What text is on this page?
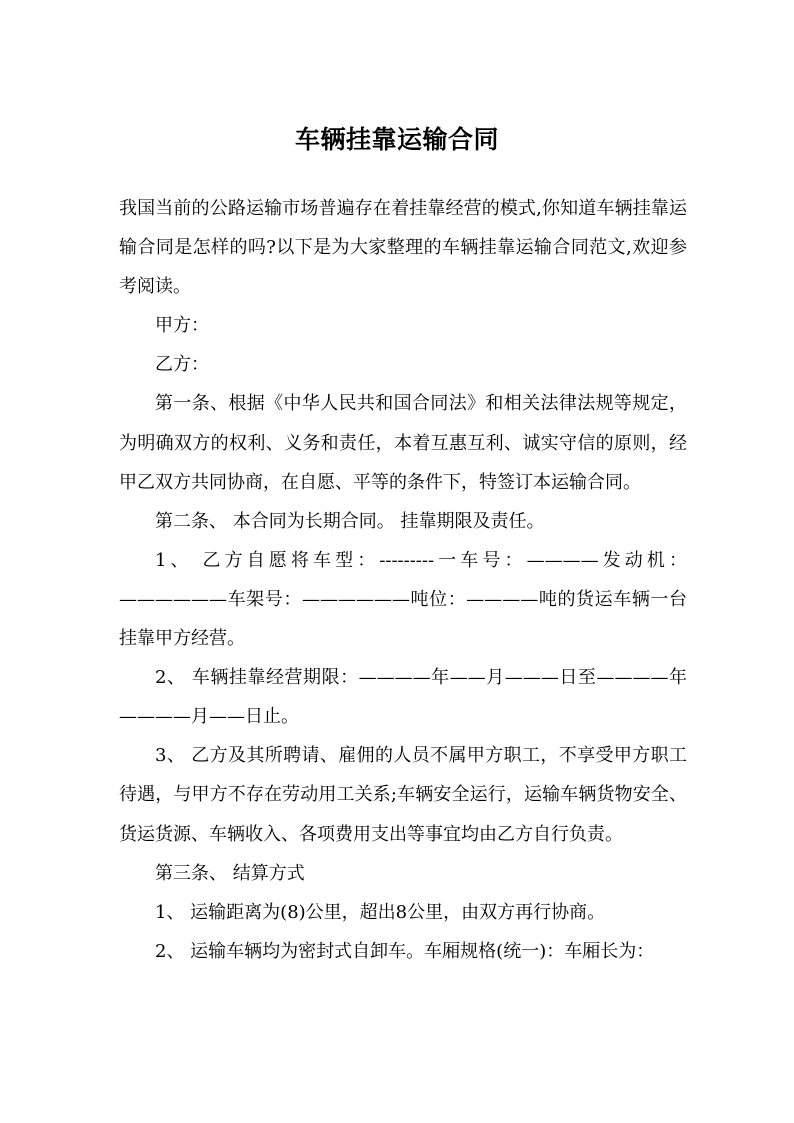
车辆挂靠运输合同

我国当前的公路运输市场普遍存在着挂靠经营的模式,你知道车辆挂靠运输合同是怎样的吗?以下是为大家整理的车辆挂靠运输合同范文,欢迎参考阅读。

甲方：

乙方：

第一条、根据《中华人民共和国合同法》和相关法律法规等规定，为明确双方的权利、义务和责任，本着互惠互利、诚实守信的原则，经甲乙双方共同协商，在自愿、平等的条件下，特签订本运输合同。

第二条、 本合同为长期合同。 挂靠期限及责任。

1、 乙方自愿将车型：---------一车号：————发动机：——————车架号：——————吨位：————吨的货运车辆一台挂靠甲方经营。

2、 车辆挂靠经营期限：————年——月———日至————年————月——日止。

3、 乙方及其所聘请、雇佣的人员不属甲方职工，不享受甲方职工待遇，与甲方不存在劳动用工关系;车辆安全运行，运输车辆货物安全、货运货源、车辆收入、各项费用支出等事宜均由乙方自行负责。

第三条、 结算方式

1、 运输距离为(8)公里，超出8公里，由双方再行协商。

2、 运输车辆均为密封式自卸车。车厢规格(统一)：车厢长为：
